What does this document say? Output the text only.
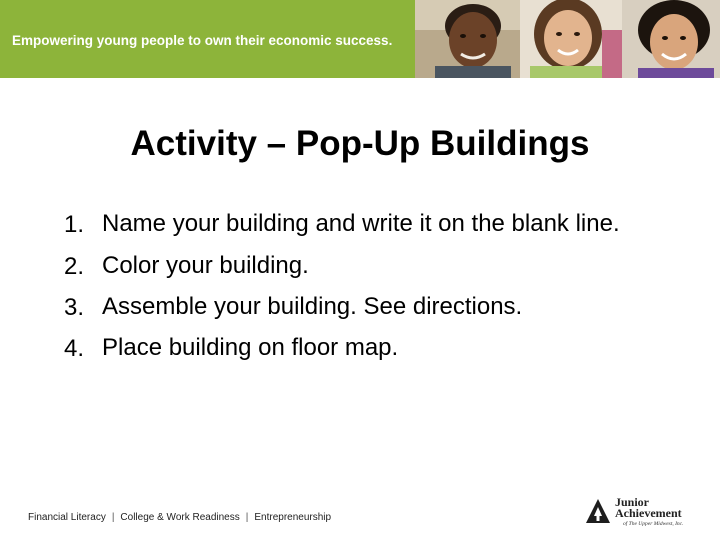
Empowering young people to own their economic success.
Activity – Pop-Up Buildings
1. Name your building and write it on the blank line.
2. Color your building.
3. Assemble your building. See directions.
4. Place building on floor map.
Financial Literacy | College & Work Readiness | Entrepreneurship
Junior
Achievement
of The Upper Midwest, Inc.
